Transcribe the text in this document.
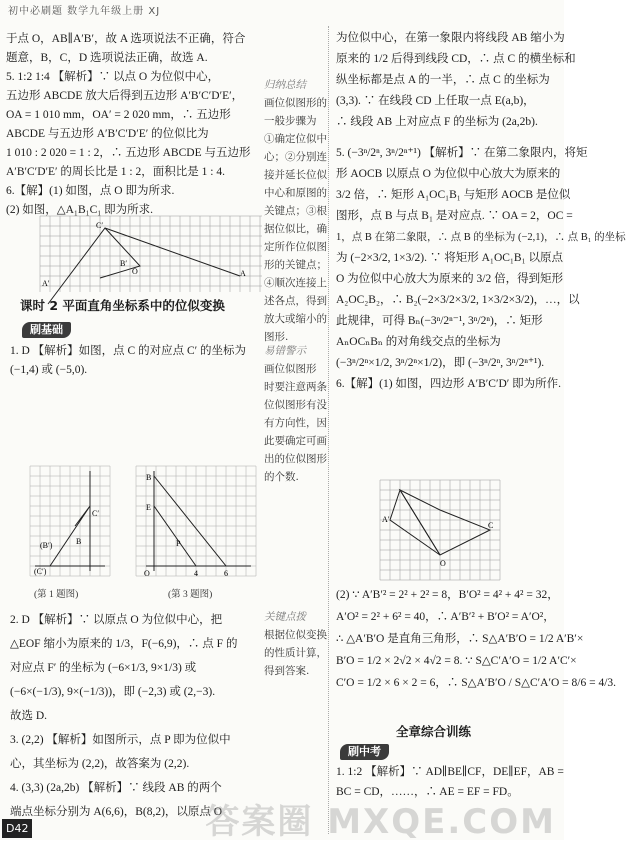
初中必刷题 数学九年级上册 XJ

于点 O，AB∥A′B′，故 A 选项说法不正确，符合

题意，B，C，D 选项说法正确，故选 A.

5. 1:2 1:4 【解析】∵ 以点 O 为位似中心，

五边形 ABCDE 放大后得到五边形 A′B′C′D′E′，

OA = 1 010 mm，OA′ = 2 020 mm，∴ 五边形

ABCDE 与五边形 A′B′C′D′E′ 的位似比为

1 010 : 2 020 = 1 : 2，∴ 五边形 ABCDE 与五边形

A′B′C′D′E′ 的周长比是 1 : 2，面积比是 1 : 4.

6.【解】(1) 如图，点 O 即为所求.

(2) 如图，△A₁B₁C₁ 即为所求.

归纳总结
画位似图形的
一般步骤为
①确定位似中
心；②分别连
接并延长位似
中心和原图的
关键点；③根
据位似比，确
定所作位似图
形的关键点；
④顺次连接上
述各点，得到
放大或缩小的
图形.
C′
B′
O
A′
A
课时 2 平面直角坐标系中的位似变换
刷基础

1. D 【解析】如图，点 C 的对应点 C′ 的坐标为

(−1,4) 或 (−5,0).

易错警示
画位似图形
时要注意两条
位似图形有没
有方向性，因
此要确定可画
出的位似图形
的个数.
C′
B
(B′)
(C′)
(第 1 题图)
B
E
P
O	4	6
(第 3 题图)
关键点拨
根据位似变换
的性质计算，
得到答案.

2. D 【解析】∵ 以原点 O 为位似中心，把

△EOF 缩小为原来的 1/3，F(−6,9)，∴ 点 F 的

对应点 F′ 的坐标为 (−6×1/3, 9×1/3) 或

(−6×(−1/3), 9×(−1/3))，即 (−2,3) 或 (2,−3).

故选 D.

3. (2,2) 【解析】如图所示，点 P 即为位似中

心，其坐标为 (2,2)，故答案为 (2,2).

4. (3,3) (2a,2b) 【解析】∵ 线段 AB 的两个

端点坐标分别为 A(6,6)，B(8,2)，以原点 O

为位似中心，在第一象限内将线段 AB 缩小为

原来的 1/2 后得到线段 CD，∴ 点 C 的横坐标和

纵坐标都是点 A 的一半，∴ 点 C 的坐标为

(3,3). ∵ 在线段 CD 上任取一点 E(a,b)，

∴ 线段 AB 上对应点 F 的坐标为 (2a,2b).

5. (−3ⁿ/2ⁿ, 3ⁿ/2ⁿ⁺¹) 【解析】∵ 在第二象限内，将矩

形 AOCB 以原点 O 为位似中心放大为原来的

3/2 倍，∴ 矩形 A₁OC₁B₁ 与矩形 AOCB 是位似

图形，点 B 与点 B₁ 是对应点. ∵ OA = 2，OC =

1，点 B 在第二象限，∴ 点 B 的坐标为 (−2,1)，∴ 点 B₁ 的坐标

为 (−2×3/2, 1×3/2). ∵ 将矩形 A₁OC₁B₁ 以原点

O 为位似中心放大为原来的 3/2 倍，得到矩形

A₂OC₂B₂，∴ B₂(−2×3/2×3/2, 1×3/2×3/2)，…，以

此规律，可得 Bₙ(−3ⁿ/2ⁿ⁻¹, 3ⁿ/2ⁿ)，∴ 矩形

AₙOCₙBₙ 的对角线交点的坐标为

(−3ⁿ/2ⁿ×1/2, 3ⁿ/2ⁿ×1/2)，即 (−3ⁿ/2ⁿ, 3ⁿ/2ⁿ⁺¹).

6.【解】(1) 如图，四边形 A′B′C′D′ 即为所作.

A′
O
C

(2) ∵ A′B′² = 2² + 2² = 8，B′O² = 4² + 4² = 32，

A′O² = 2² + 6² = 40，∴ A′B′² + B′O² = A′O²，

∴ △A′B′O 是直角三角形，∴ S△A′B′O = 1/2 A′B′×

B′O = 1/2 × 2√2 × 4√2 = 8. ∵ S△C′A′O = 1/2 A′C′×

C′O = 1/2 × 6 × 2 = 6，∴ S△A′B′O / S△C′A′O = 8/6 = 4/3.

全章综合训练
刷中考

1. 1:2 【解析】∵ AD∥BE∥CF，DE∥EF，AB =

BC = CD，……，∴ AE = EF = FD。

D42	答案圈 MXQE.COM
